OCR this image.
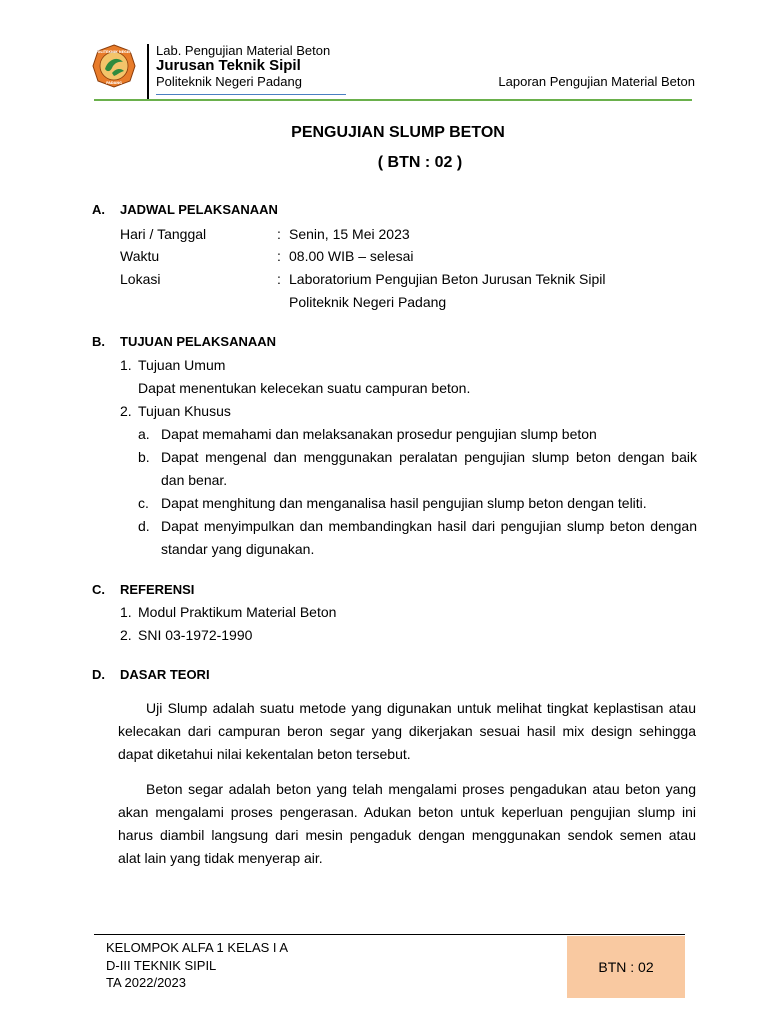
POLITEKNIK NEGERI
PADANG
Lab. Pengujian Material Beton
Jurusan Teknik Sipil
Politeknik Negeri Padang	Laporan Pengujian Material Beton
PENGUJIAN SLUMP BETON
( BTN : 02 )
A. JADWAL PELAKSANAAN
Hari / Tanggal	: Senin, 15 Mei 2023
Waktu	: 08.00 WIB – selesai
Lokasi	: Laboratorium Pengujian Beton Jurusan Teknik Sipil
Politeknik Negeri Padang
B. TUJUAN PELAKSANAAN
1. Tujuan Umum
Dapat menentukan kelecekan suatu campuran beton.
2. Tujuan Khusus
a. Dapat memahami dan melaksanakan prosedur pengujian slump beton
b. Dapat mengenal dan menggunakan peralatan pengujian slump beton dengan baik
dan benar.
c. Dapat menghitung dan menganalisa hasil pengujian slump beton dengan teliti.
d. Dapat menyimpulkan dan membandingkan hasil dari pengujian slump beton dengan
standar yang digunakan.
C. REFERENSI
1. Modul Praktikum Material Beton
2. SNI 03-1972-1990
D. DASAR TEORI
Uji Slump adalah suatu metode yang digunakan untuk melihat tingkat keplastisan atau
kelecakan dari campuran beron segar yang dikerjakan sesuai hasil mix design sehingga
dapat diketahui nilai kekentalan beton tersebut.
Beton segar adalah beton yang telah mengalami proses pengadukan atau beton yang
akan mengalami proses pengerasan. Adukan beton untuk keperluan pengujian slump ini
harus diambil langsung dari mesin pengaduk dengan menggunakan sendok semen atau
alat lain yang tidak menyerap air.
KELOMPOK ALFA 1 KELAS I A
D-III TEKNIK SIPIL
TA 2022/2023
BTN : 02
